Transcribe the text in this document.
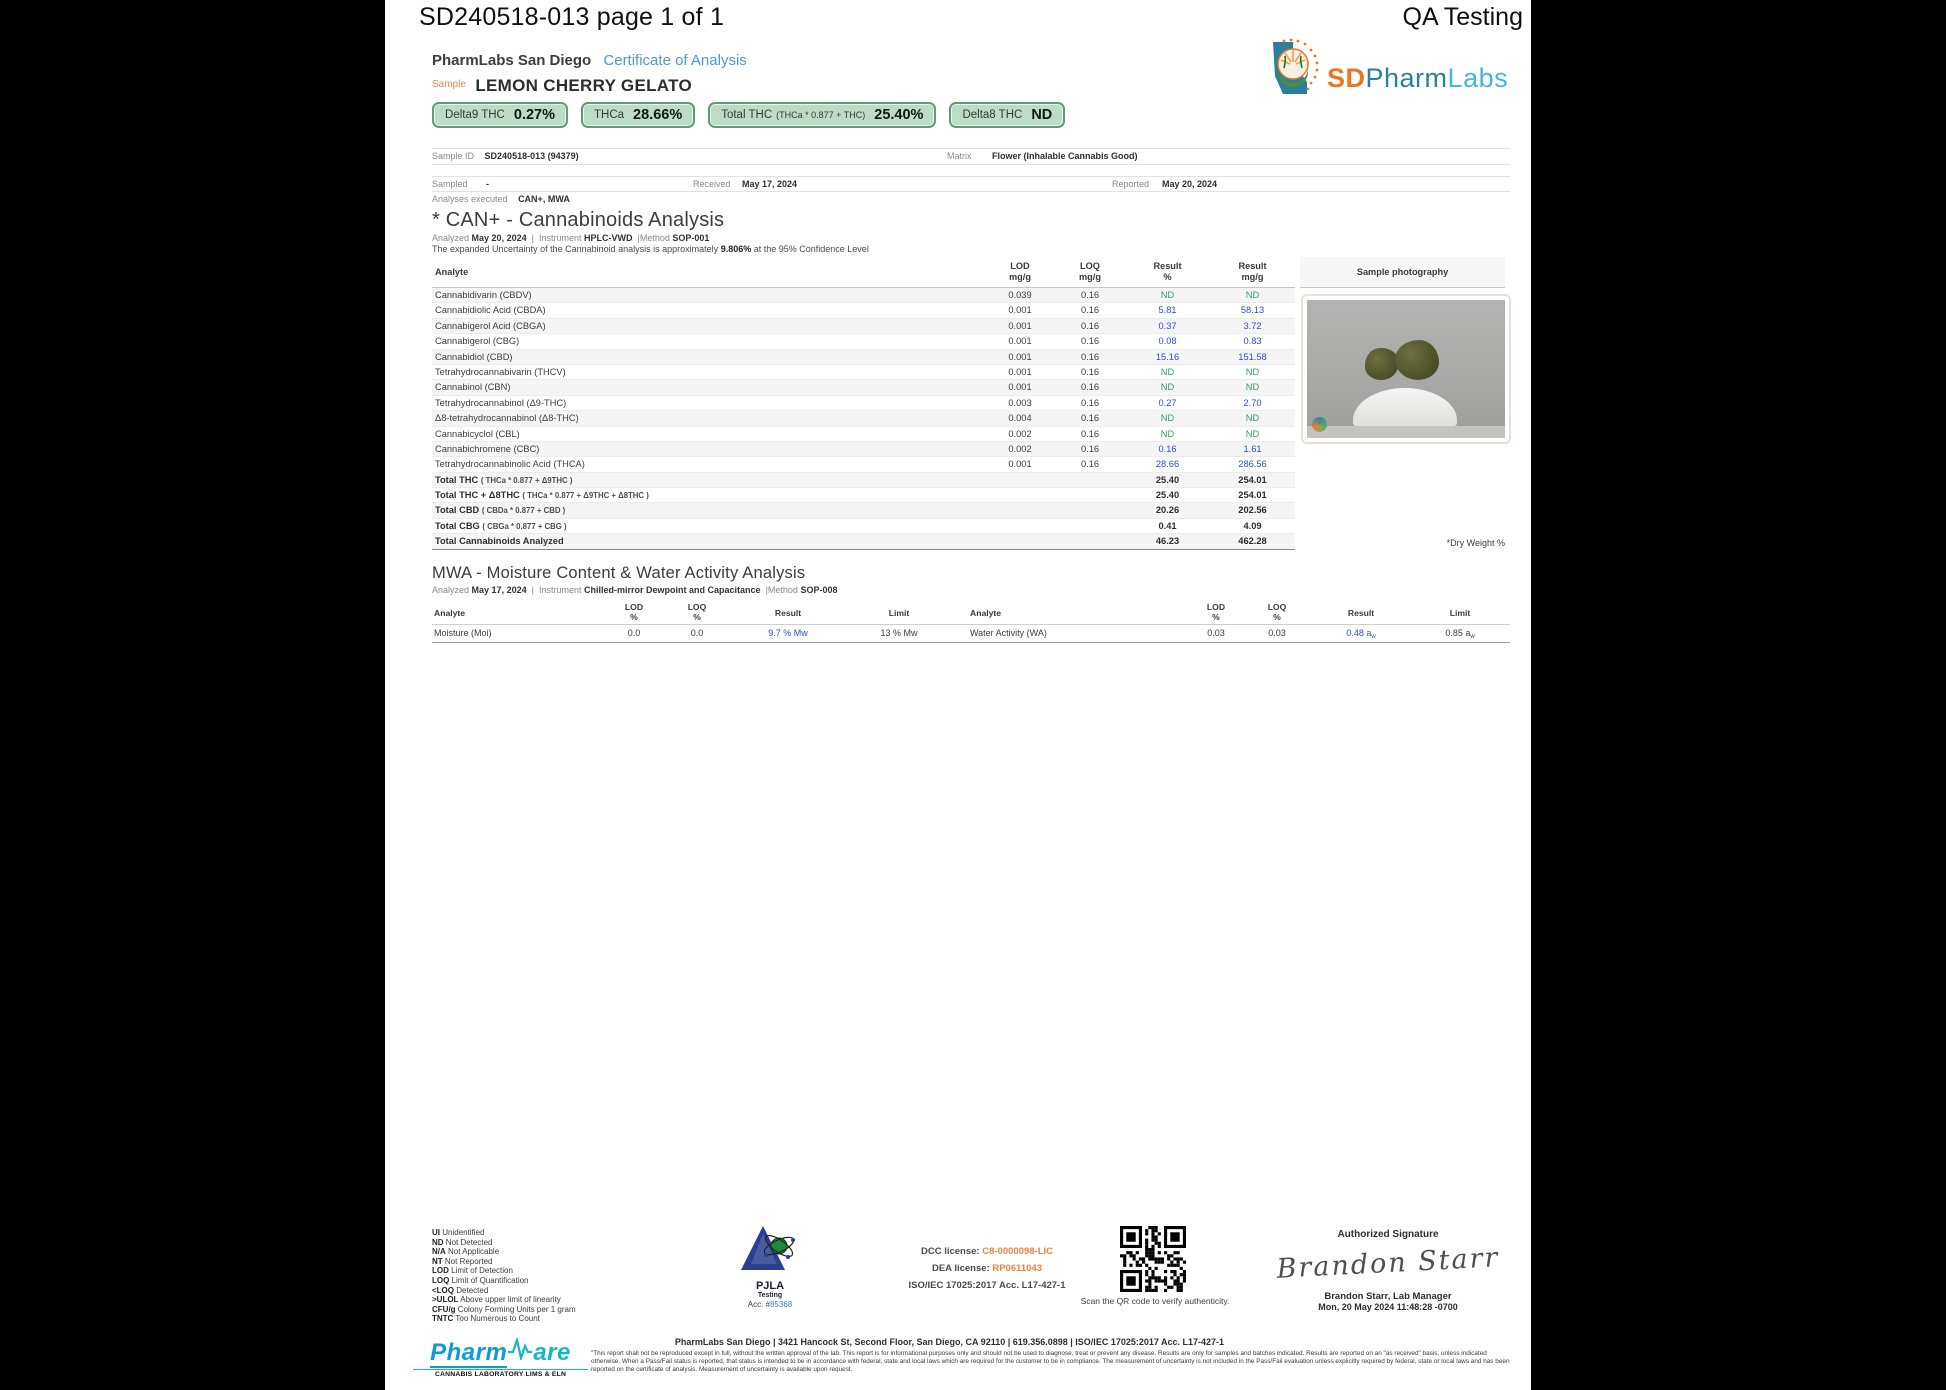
SD240518-013 page 1 of 1	QA Testing
PharmLabs San Diego Certificate of Analysis
$^{Sample}$ LEMON CHERRY GELATO	SDPharmLabs
Delta9 THC 0.27%	THCa 28.66%	Total THC (THCa * 0.877 + THC) 25.40%	Delta8 THC ND
Sample ID SD240518-013 (94379)	Matrix Flower (Inhalable Cannabis Good)
Sampled -	Received May 17, 2024	Reported May 20, 2024
Analyses executed CAN+, MWA
* CAN+ - Cannabinoids Analysis
Analyzed May 20, 2024 | Instrument HPLC-VWD |Method SOP-001
The expanded Uncertainty of the Cannabinoid analysis is approximately 9.806% at the 95% Confidence Level
Analyte
LOD
mg/g
LOQ
mg/g
Result
%
Result
mg/g
Cannabidivarin (CBDV)	0.039	0.16	ND	ND
Cannabidiolic Acid (CBDA)	0.001	0.16	5.81	58.13
Cannabigerol Acid (CBGA)	0.001	0.16	0.37	3.72
Cannabigerol (CBG)	0.001	0.16	0.08	0.83
Cannabidiol (CBD)	0.001	0.16	15.16	151.58
Tetrahydrocannabivarin (THCV)	0.001	0.16	ND	ND
Cannabinol (CBN)	0.001	0.16	ND	ND
Tetrahydrocannabinol (Δ9-THC)	0.003	0.16	0.27	2.70
Δ8-tetrahydrocannabinol (Δ8-THC)	0.004	0.16	ND	ND
Cannabicyclol (CBL)	0.002	0.16	ND	ND
Cannabichromene (CBC)	0.002	0.16	0.16	1.61
Tetrahydrocannabinolic Acid (THCA)	0.001	0.16	28.66	286.56
Total THC ( THCa * 0.877 + Δ9THC )	25.40	254.01
Total THC + Δ8THC ( THCa * 0.877 + Δ9THC + Δ8THC )	25.40	254.01
Total CBD ( CBDa * 0.877 + CBD )	20.26	202.56
Total CBG ( CBGa * 0.877 + CBG )	0.41	4.09
Total Cannabinoids Analyzed	46.23	462.28
Sample photography
*Dry Weight %
MWA - Moisture Content & Water Activity Analysis
Analyzed May 17, 2024 | Instrument Chilled-mirror Dewpoint and Capacitance |Method SOP-008
Analyte
LOD
%
LOQ
%	Result	Limit	Analyte
LOD
%
LOQ
%	Result	Limit
Moisture (Moi)	0.0	0.0	9.7 % Mw	13 % Mw	Water Activity (WA)	0.03	0.03	0.48 $a_w$	0.85 $a_w$
UI Unidentified
ND Not Detected
N/A Not Applicable
NT Not Reported
LOD Limit of Detection
LOQ Limit of Quantification
<LOQ Detected
>ULOL Above upper limit of linearity
CFU/g Colony Forming Units per 1 gram
TNTC Too Numerous to Count
PJLA
Testing
Acc. #85368
DCC license: C8-0000098-LIC
DEA license: RP0611043
ISO/IEC 17025:2017 Acc. L17-427-1
Scan the QR code to verify authenticity.
Authorized Signature
Brandon Starr
Brandon Starr, Lab Manager
Mon, 20 May 2024 11:48:28 -0700
PharmLabs San Diego | 3421 Hancock St, Second Floor, San Diego, CA 92110 | 619.356.0898 | ISO/IEC 17025:2017 Acc. L17-427-1
"This report shall not be reproduced except in full, without the written approval of the lab. This report is for informational purposes only and should not be used to diagnose, treat or prevent any disease. Results are only for samples and batches indicated. Results are reported on an "as received" basis, unless indicated otherwise. When a Pass/Fail status is reported, that status is intended to be in accordance with federal, state and local laws which are required for the customer to be in compliance. The measurement of uncertainty is not included in the Pass/Fail evaluation unless explicitly required by federal, state or local laws and has been reported on the certificate of analysis. Measurement of uncertainty is available upon request.
Pharm are
CANNABIS LABORATORY LIMS & ELN
